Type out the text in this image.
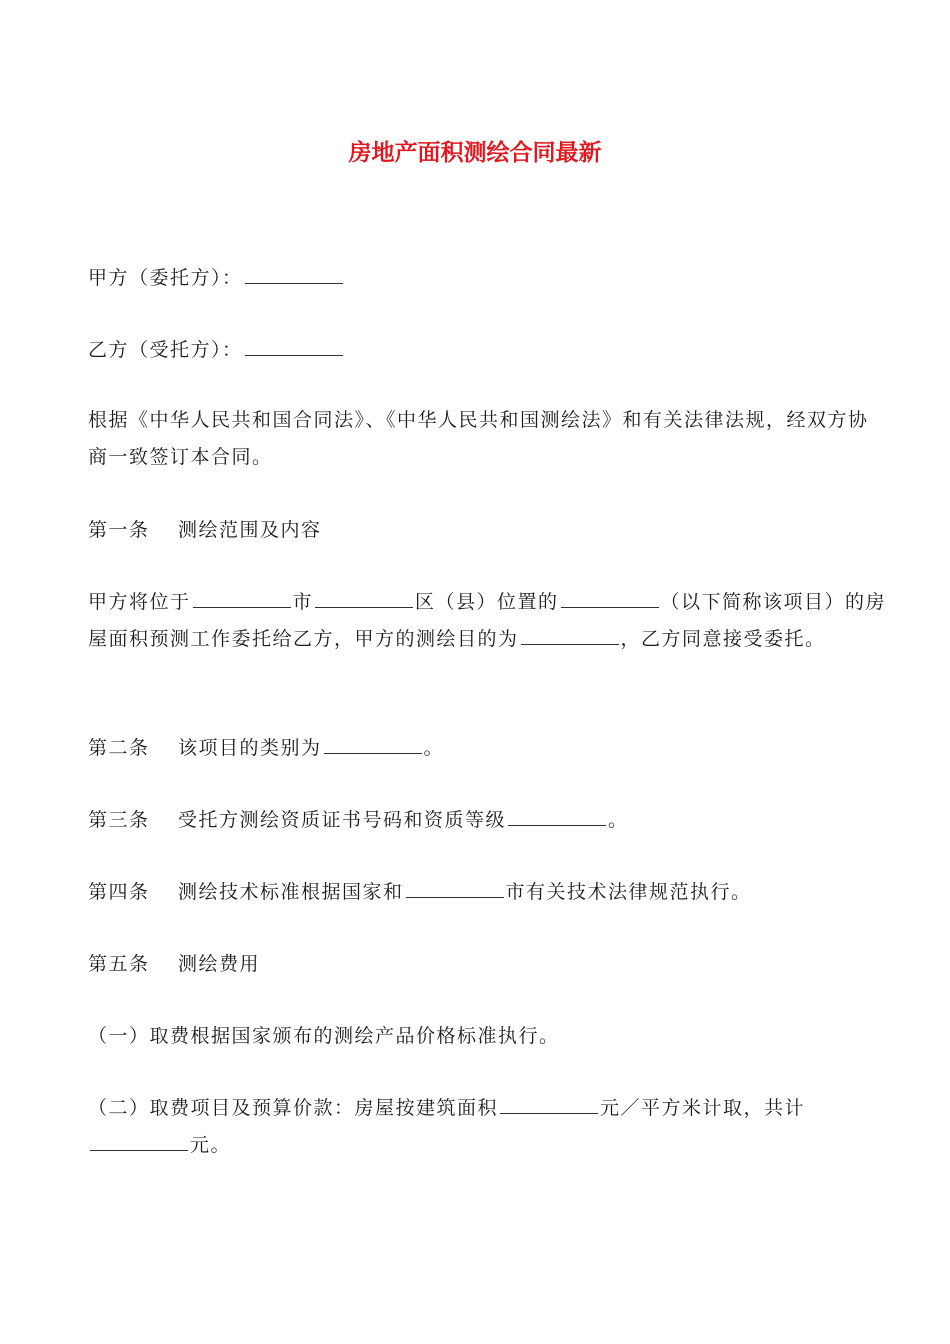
房地产面积测绘合同最新
甲方（委托方）：
乙方（受托方）：
根据《中华人民共和国合同法》、《中华人民共和国测绘法》和有关法律法规，经双方协商一致签订本合同。
第一条 测绘范围及内容
甲方将位于	市	区（县）位置的	（以下简称该项目）的房屋面积预测工作委托给乙方，甲方的测绘目的为	，乙方同意接受委托。
第二条 该项目的类别为	。
第三条 受托方测绘资质证书号码和资质等级	。
第四条 测绘技术标准根据国家和	市有关技术法律规范执行。
第五条 测绘费用
（一）取费根据国家颁布的测绘产品价格标准执行。
（二）取费项目及预算价款：房屋按建筑面积	元／平方米计取，共计元。
